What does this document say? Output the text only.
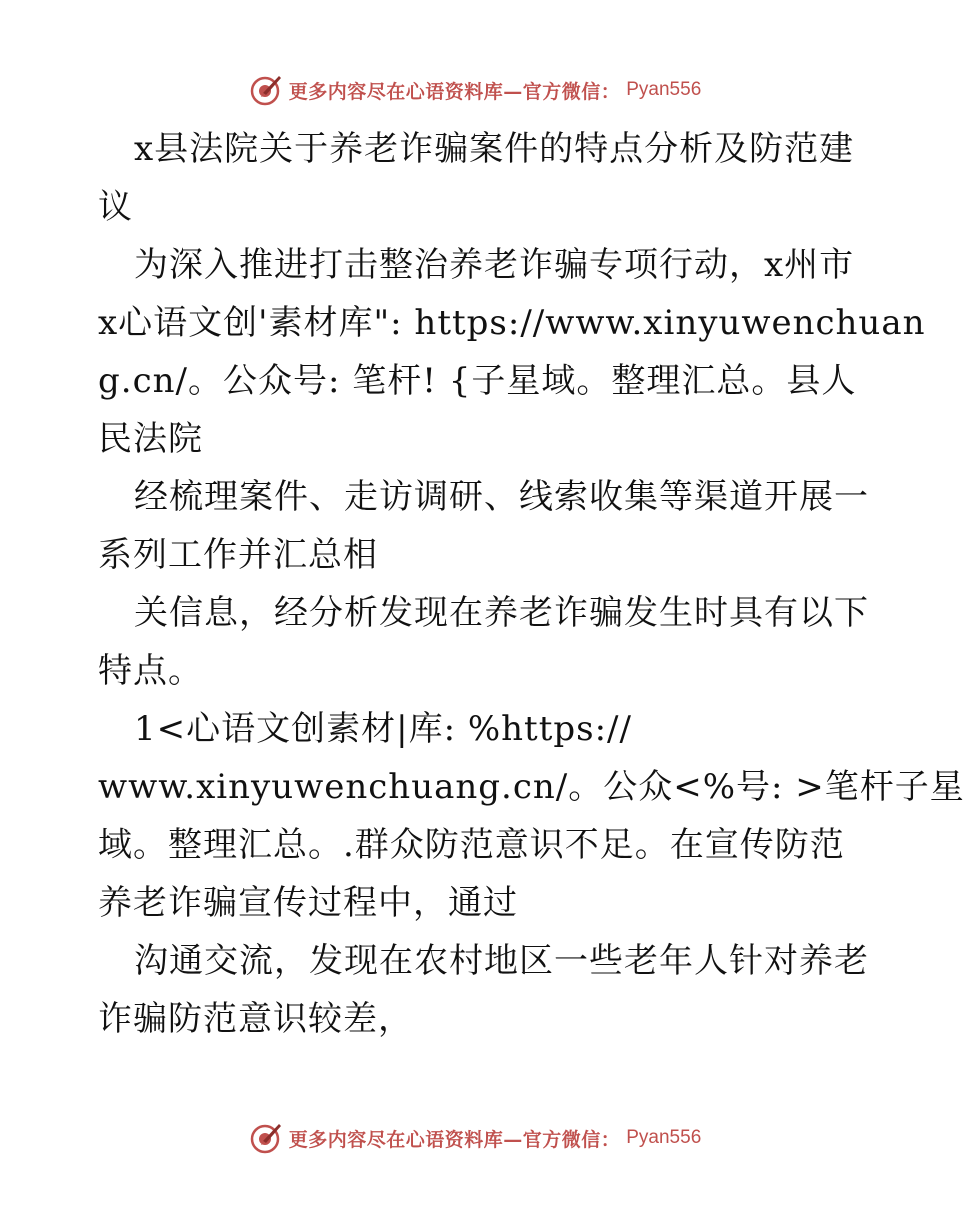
更多内容尽在心语资料库—官方微信： Pyan556
x县法院关于养老诈骗案件的特点分析及防范建
议
为深入推进打击整治养老诈骗专项行动，x州市
x心语文创'素材库": https://www.xinyuwenchuan
g.cn/。公众号: 笔杆! {子星域。整理汇总。县人
民法院
经梳理案件、走访调研、线索收集等渠道开展一
系列工作并汇总相
关信息，经分析发现在养老诈骗发生时具有以下
特点。
1<心语文创素材|库: %https://
www.xinyuwenchuang.cn/。公众<%号: >笔杆子星
域。整理汇总。.群众防范意识不足。在宣传防范
养老诈骗宣传过程中，通过
沟通交流，发现在农村地区一些老年人针对养老
诈骗防范意识较差，
更多内容尽在心语资料库—官方微信： Pyan556
